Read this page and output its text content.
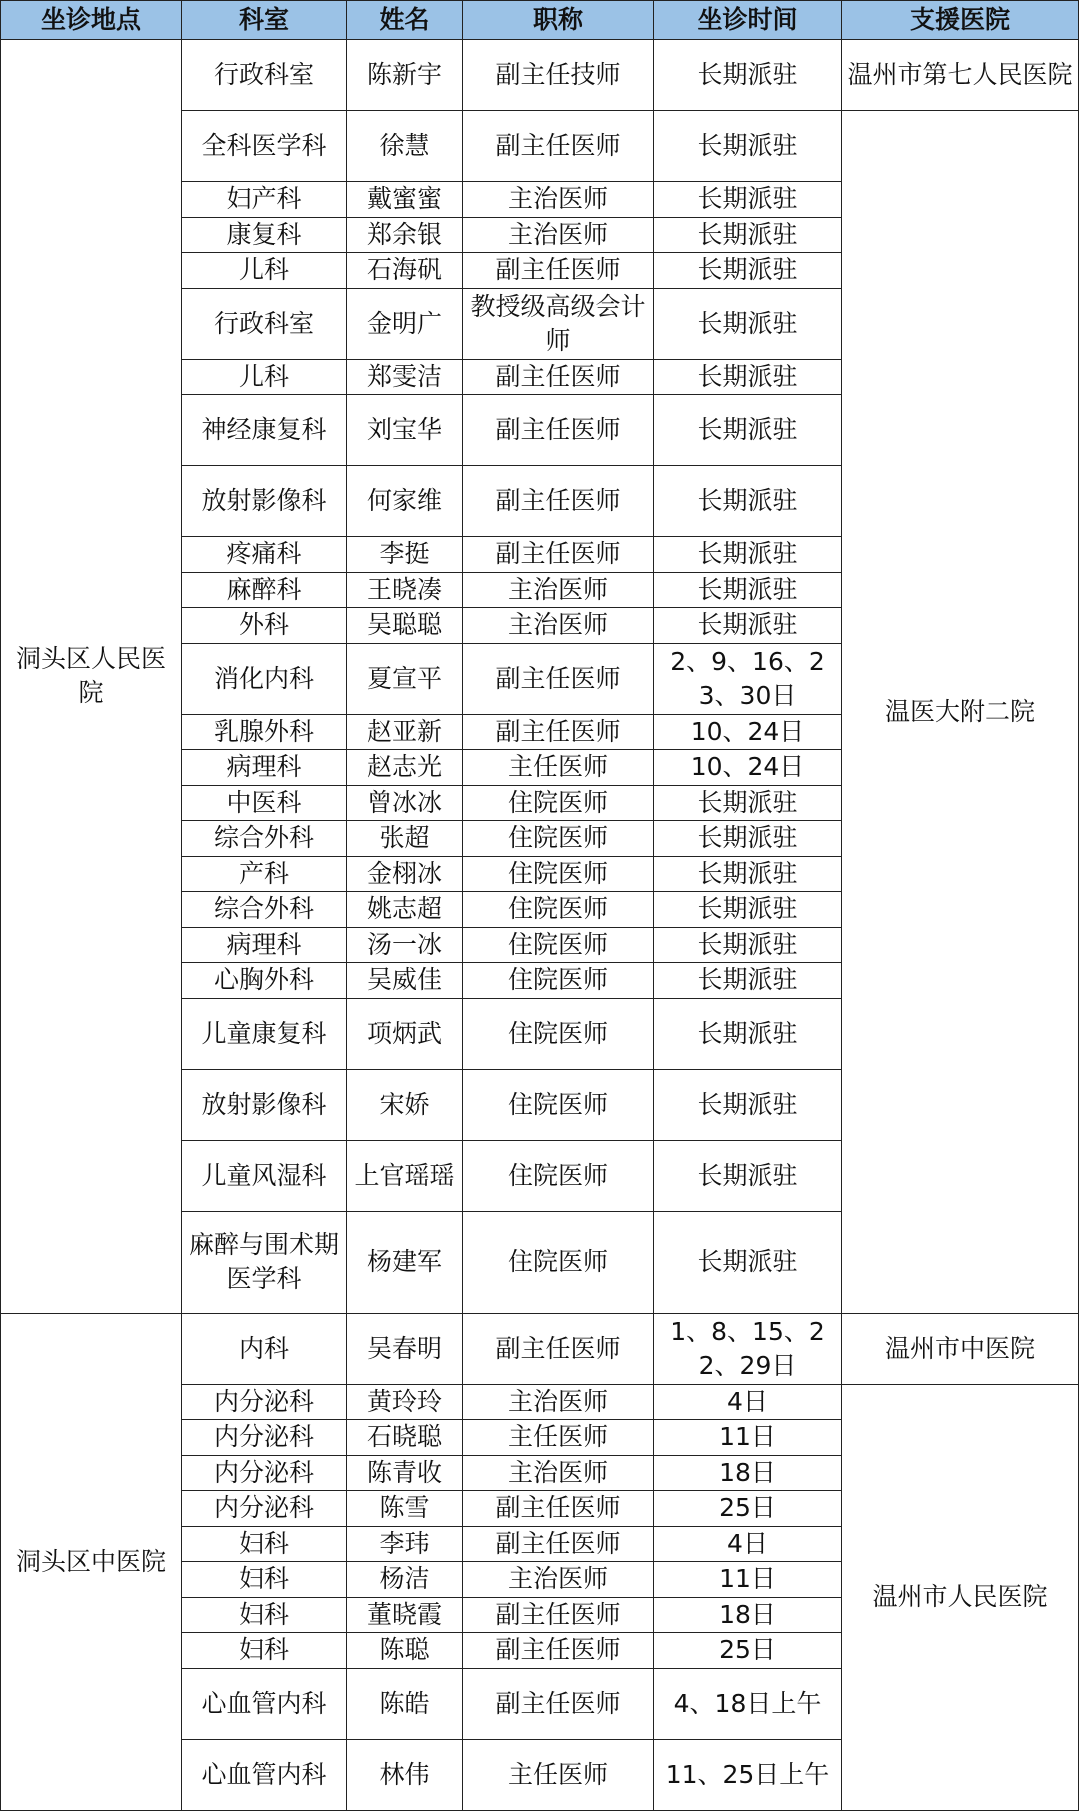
坐诊地点	科室	姓名	职称	坐诊时间	支援医院
洞头区人民医院	行政科室	陈新宇	副主任技师	长期派驻	温州市第七人民医院
	全科医学科	徐慧	副主任医师	长期派驻	温医大附二院
	妇产科	戴蜜蜜	主治医师	长期派驻	
	康复科	郑余银	主治医师	长期派驻	
	儿科	石海矾	副主任医师	长期派驻	
	行政科室	金明广	教授级高级会计师	长期派驻	
	儿科	郑雯洁	副主任医师	长期派驻	
	神经康复科	刘宝华	副主任医师	长期派驻	
	放射影像科	何家维	副主任医师	长期派驻	
	疼痛科	李挺	副主任医师	长期派驻	
	麻醉科	王晓凑	主治医师	长期派驻	
	外科	吴聪聪	主治医师	长期派驻	
	消化内科	夏宣平	副主任医师	2、9、16、23、30日	
	乳腺外科	赵亚新	副主任医师	10、24日	
	病理科	赵志光	主任医师	10、24日	
	中医科	曾冰冰	住院医师	长期派驻	
	综合外科	张超	住院医师	长期派驻	
	产科	金栩冰	住院医师	长期派驻	
	综合外科	姚志超	住院医师	长期派驻	
	病理科	汤一冰	住院医师	长期派驻	
	心胸外科	吴威佳	住院医师	长期派驻	
	儿童康复科	项炳武	住院医师	长期派驻	
	放射影像科	宋娇	住院医师	长期派驻	
	儿童风湿科	上官瑶瑶	住院医师	长期派驻	
	麻醉与围术期医学科	杨建军	住院医师	长期派驻	
洞头区中医院	内科	吴春明	副主任医师	1、8、15、22、29日	温州市中医院
	内分泌科	黄玲玲	主治医师	4日	温州市人民医院
	内分泌科	石晓聪	主任医师	11日	
	内分泌科	陈青收	主治医师	18日	
	内分泌科	陈雪	副主任医师	25日	
	妇科	李玮	副主任医师	4日	
	妇科	杨洁	主治医师	11日	
	妇科	董晓霞	副主任医师	18日	
	妇科	陈聪	副主任医师	25日	
	心血管内科	陈皓	副主任医师	4、18日上午	
	心血管内科	林伟	主任医师	11、25日上午	
